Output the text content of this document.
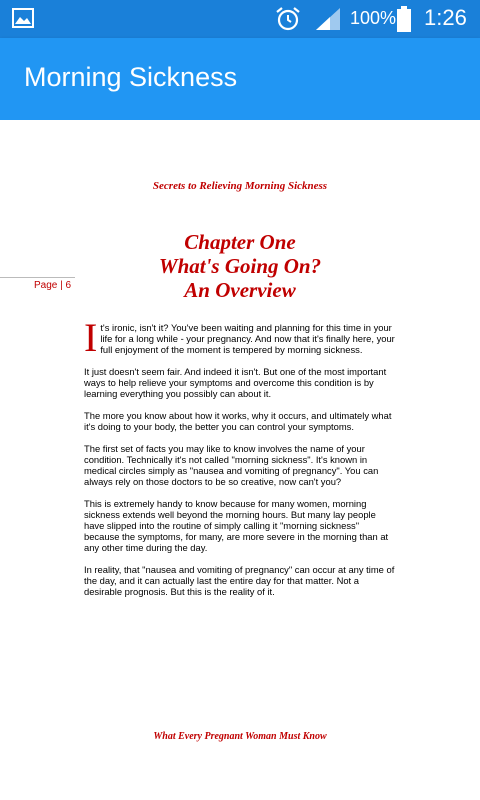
100% 1:26
Morning Sickness
Secrets to Relieving Morning Sickness
Chapter One
What's Going On?
An Overview
Page | 6

It's ironic, isn't it? You've been waiting and planning for this time in your life for a long while - your pregnancy. And now that it's finally here, your full enjoyment of the moment is tempered by morning sickness.

It just doesn't seem fair. And indeed it isn't. But one of the most important ways to help relieve your symptoms and overcome this condition is by learning everything you possibly can about it.

The more you know about how it works, why it occurs, and ultimately what it's doing to your body, the better you can control your symptoms.

The first set of facts you may like to know involves the name of your condition. Technically it's not called "morning sickness". It's known in medical circles simply as "nausea and vomiting of pregnancy". You can always rely on those doctors to be so creative, now can't you?

This is extremely handy to know because for many women, morning sickness extends well beyond the morning hours. But many lay people have slipped into the routine of simply calling it "morning sickness" because the symptoms, for many, are more severe in the morning than at any other time during the day.

In reality, that "nausea and vomiting of pregnancy" can occur at any time of the day, and it can actually last the entire day for that matter. Not a desirable prognosis. But this is the reality of it.

What Every Pregnant Woman Must Know
